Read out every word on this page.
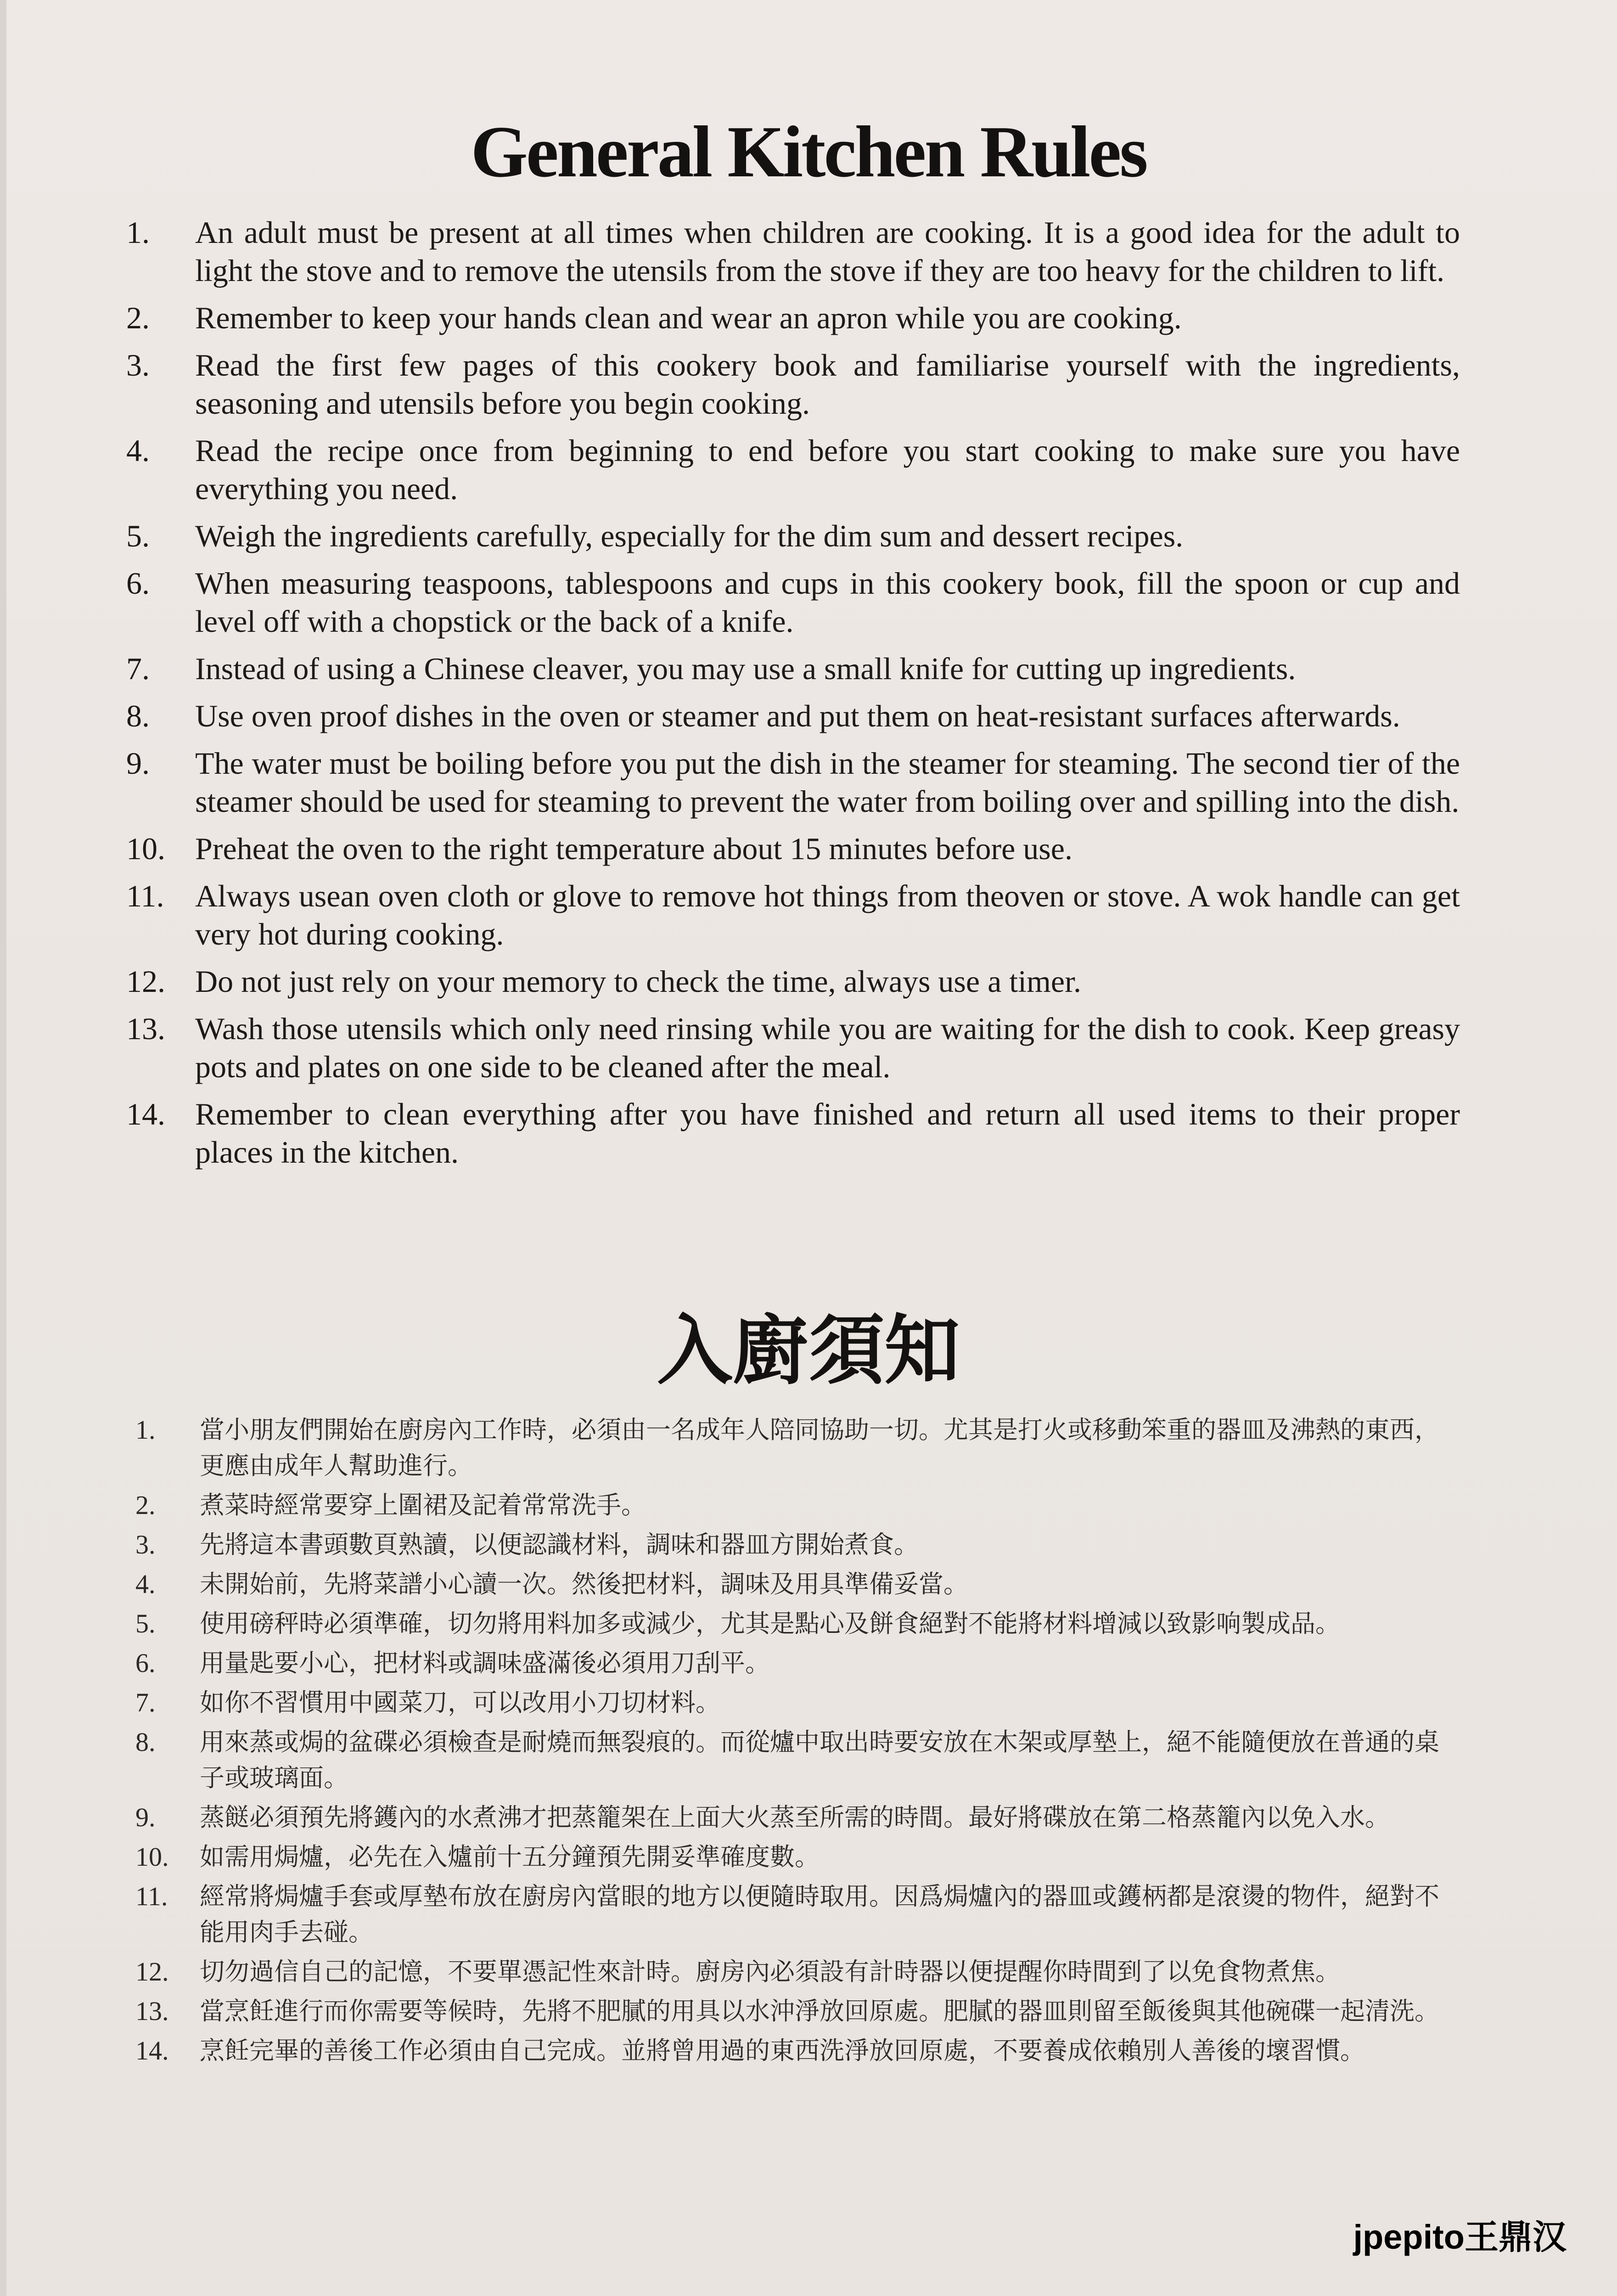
General Kitchen Rules
1.	An adult must be present at all times when children are cooking. It is a good idea for the adult to light the stove and to remove the utensils from the stove if they are too heavy for the children to lift.
2.	Remember to keep your hands clean and wear an apron while you are cooking.
3.	Read the first few pages of this cookery book and familiarise yourself with the ingredients, seasoning and utensils before you begin cooking.
4.	Read the recipe once from beginning to end before you start cooking to make sure you have everything you need.
5.	Weigh the ingredients carefully, especially for the dim sum and dessert recipes.
6.	When measuring teaspoons, tablespoons and cups in this cookery book, fill the spoon or cup and level off with a chopstick or the back of a knife.
7.	Instead of using a Chinese cleaver, you may use a small knife for cutting up ingredients.
8.	Use oven proof dishes in the oven or steamer and put them on heat-resistant surfaces afterwards.
9.	The water must be boiling before you put the dish in the steamer for steaming. The second tier of the steamer should be used for steaming to prevent the water from boiling over and spilling into the dish.
10. Preheat the oven to the right temperature about 15 minutes before use.
11. Always usean oven cloth or glove to remove hot things from theoven or stove. A wok handle can get very hot during cooking.
12. Do not just rely on your memory to check the time, always use a timer.
13. Wash those utensils which only need rinsing while you are waiting for the dish to cook. Keep greasy pots and plates on one side to be cleaned after the meal.
14. Remember to clean everything after you have finished and return all used items to their proper places in the kitchen.
入廚須知
1.	當小朋友們開始在廚房內工作時，必須由一名成年人陪同協助一切。尤其是打火或移動笨重的器皿及沸熱的東西，更應由成年人幫助進行。
2.	煮菜時經常要穿上圍裙及記着常常洗手。
3.	先將這本書頭數頁熟讀，以便認識材料，調味和器皿方開始煮食。
4.	未開始前，先將菜譜小心讀一次。然後把材料，調味及用具準備妥當。
5.	使用磅秤時必須準確，切勿將用料加多或減少，尤其是點心及餅食絕對不能將材料增減以致影响製成品。
6.	用量匙要小心，把材料或調味盛滿後必須用刀刮平。
7.	如你不習慣用中國菜刀，可以改用小刀切材料。
8.	用來蒸或焗的盆碟必須檢查是耐燒而無裂痕的。而從爐中取出時要安放在木架或厚墊上，絕不能隨便放在普通的桌子或玻璃面。
9.	蒸餸必須預先將鑊內的水煮沸才把蒸籠架在上面大火蒸至所需的時間。最好將碟放在第二格蒸籠內以免入水。
10.	如需用焗爐，必先在入爐前十五分鐘預先開妥準確度數。
11.	經常將焗爐手套或厚墊布放在廚房內當眼的地方以便隨時取用。因爲焗爐內的器皿或鑊柄都是滾燙的物件，絕對不能用肉手去碰。
12.	切勿過信自己的記憶，不要單憑記性來計時。廚房內必須設有計時器以便提醒你時間到了以免食物煮焦。
13.	當烹飪進行而你需要等候時，先將不肥膩的用具以水沖淨放回原處。肥膩的器皿則留至飯後與其他碗碟一起清洗。
14.	烹飪完畢的善後工作必須由自己完成。並將曾用過的東西洗淨放回原處，不要養成依賴別人善後的壞習慣。
jpepito王鼎汉
